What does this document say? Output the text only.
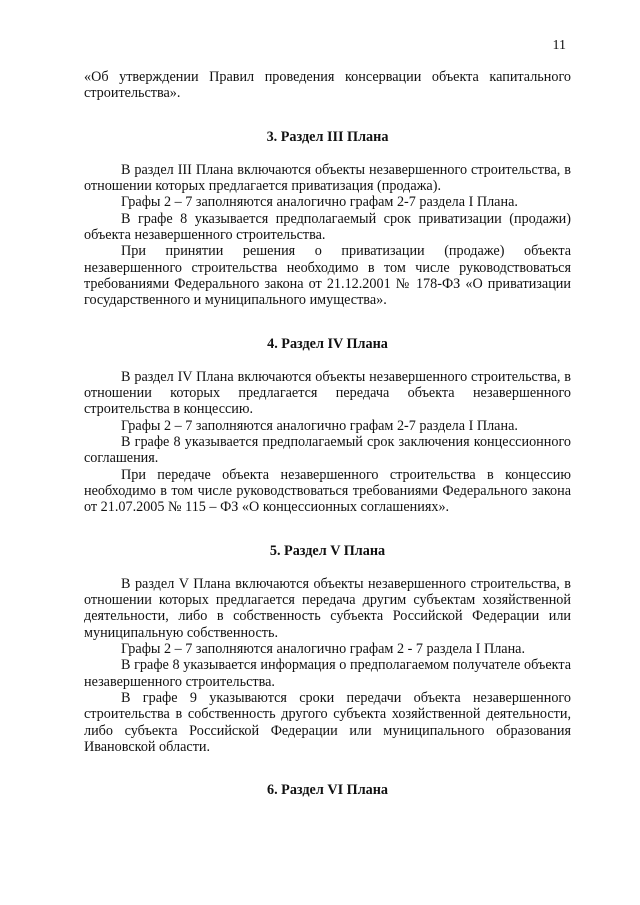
11

«Об утверждении Правил проведения консервации объекта капитального строительства».

3. Раздел III Плана

В раздел III Плана включаются объекты незавершенного строительства, в отношении которых предлагается приватизация (продажа).

Графы 2 – 7 заполняются аналогично графам 2-7 раздела I Плана.

В графе 8 указывается предполагаемый срок приватизации (продажи) объекта незавершенного строительства.

При принятии решения о приватизации (продаже) объекта незавершенного строительства необходимо в том числе руководствоваться требованиями Федерального закона от 21.12.2001 № 178-ФЗ «О приватизации государственного и муниципального имущества».

4. Раздел IV Плана

В раздел IV Плана включаются объекты незавершенного строительства, в отношении которых предлагается передача объекта незавершенного строительства в концессию.

Графы 2 – 7 заполняются аналогично графам 2-7 раздела I Плана.

В графе 8 указывается предполагаемый срок заключения концессионного соглашения.

При передаче объекта незавершенного строительства в концессию необходимо в том числе руководствоваться требованиями Федерального закона от 21.07.2005 № 115 – ФЗ «О концессионных соглашениях».

5. Раздел V Плана

В раздел V Плана включаются объекты незавершенного строительства, в отношении которых предлагается передача другим субъектам хозяйственной деятельности, либо в собственность субъекта Российской Федерации или муниципальную собственность.

Графы 2 – 7 заполняются аналогично графам 2 - 7 раздела I Плана.

В графе 8 указывается информация о предполагаемом получателе объекта незавершенного строительства.

В графе 9 указываются сроки передачи объекта незавершенного строительства в собственность другого субъекта хозяйственной деятельности, либо субъекта Российской Федерации или муниципального образования Ивановской области.

6. Раздел VI Плана
